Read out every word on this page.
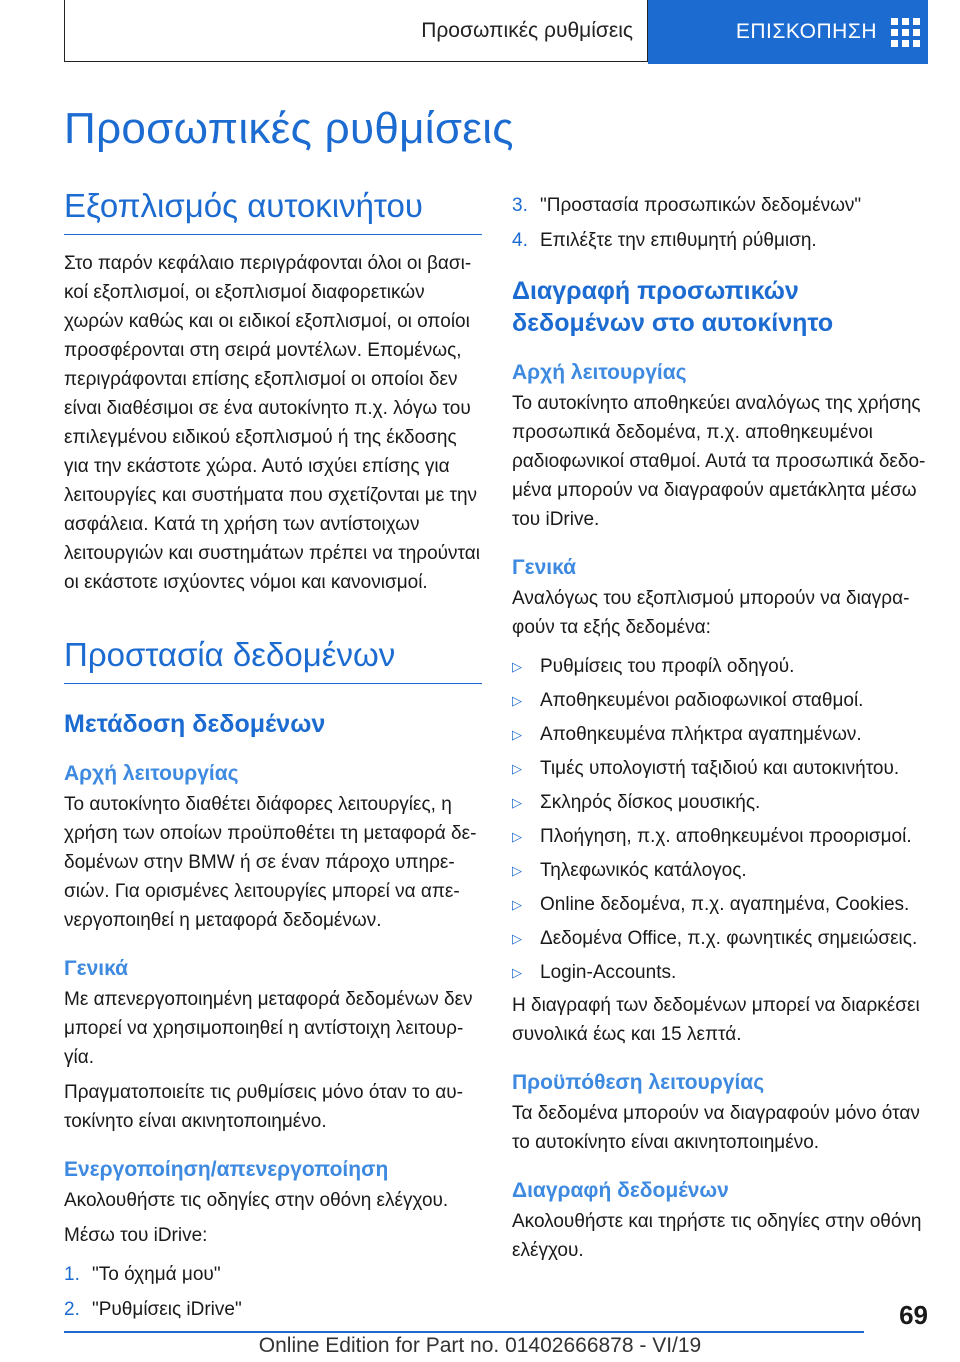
Προσωπικές ρυθμίσεις	ΕΠΙΣΚΟΠΗΣΗ
Προσωπικές ρυθμίσεις
Εξοπλισμός αυτοκινήτου

Στο παρόν κεφάλαιο περιγράφονται όλοι οι βασικοί εξοπλισμοί, οι εξοπλισμοί διαφορετικών χωρών καθώς και οι ειδικοί εξοπλισμοί, οι οποίοι προσφέρονται στη σειρά μοντέλων. Επομένως, περιγράφονται επίσης εξοπλισμοί οι οποίοι δεν είναι διαθέσιμοι σε ένα αυτοκίνητο π.χ. λόγω του επιλεγμένου ειδικού εξοπλισμού ή της έκδοσης για την εκάστοτε χώρα. Αυτό ισχύει επίσης για λειτουργίες και συστήματα που σχετίζονται με την ασφάλεια. Κατά τη χρήση των αντίστοιχων λειτουργιών και συστημάτων πρέπει να τηρούνται οι εκάστοτε ισχύοντες νόμοι και κανονισμοί.

Προστασία δεδομένων
Μετάδοση δεδομένων
Αρχή λειτουργίας

Το αυτοκίνητο διαθέτει διάφορες λειτουργίες, η χρήση των οποίων προϋποθέτει τη μεταφορά δεδομένων στην BMW ή σε έναν πάροχο υπηρεσιών. Για ορισμένες λειτουργίες μπορεί να απενεργοποιηθεί η μεταφορά δεδομένων.

Γενικά

Με απενεργοποιημένη μεταφορά δεδομένων δεν μπορεί να χρησιμοποιηθεί η αντίστοιχη λειτουργία.

Πραγματοποιείτε τις ρυθμίσεις μόνο όταν το αυτοκίνητο είναι ακινητοποιημένο.

Ενεργοποίηση/απενεργοποίηση

Ακολουθήστε τις οδηγίες στην οθόνη ελέγχου.

Μέσω του iDrive:

1. "Το όχημά μου"
2. "Ρυθμίσεις iDrive"
3. "Προστασία προσωπικών δεδομένων"
4. Επιλέξτε την επιθυμητή ρύθμιση.
Διαγραφή προσωπικών δεδομένων στο αυτοκίνητο
Αρχή λειτουργίας

Το αυτοκίνητο αποθηκεύει αναλόγως της χρήσης προσωπικά δεδομένα, π.χ. αποθηκευμένοι ραδιοφωνικοί σταθμοί. Αυτά τα προσωπικά δεδομένα μπορούν να διαγραφούν αμετάκλητα μέσω του iDrive.

Γενικά

Αναλόγως του εξοπλισμού μπορούν να διαγραφούν τα εξής δεδομένα:

▷ Ρυθμίσεις του προφίλ οδηγού.
▷ Αποθηκευμένοι ραδιοφωνικοί σταθμοί.
▷ Αποθηκευμένα πλήκτρα αγαπημένων.
▷ Τιμές υπολογιστή ταξιδιού και αυτοκινήτου.
▷ Σκληρός δίσκος μουσικής.
▷ Πλοήγηση, π.χ. αποθηκευμένοι προορισμοί.
▷ Τηλεφωνικός κατάλογος.
▷ Online δεδομένα, π.χ. αγαπημένα, Cookies.
▷ Δεδομένα Office, π.χ. φωνητικές σημειώσεις.
▷ Login-Accounts.

Η διαγραφή των δεδομένων μπορεί να διαρκέσει συνολικά έως και 15 λεπτά.

Προϋπόθεση λειτουργίας

Τα δεδομένα μπορούν να διαγραφούν μόνο όταν το αυτοκίνητο είναι ακινητοποιημένο.

Διαγραφή δεδομένων

Ακολουθήστε και τηρήστε τις οδηγίες στην οθόνη ελέγχου.

69
Online Edition for Part no. 01402666878 - VI/19
